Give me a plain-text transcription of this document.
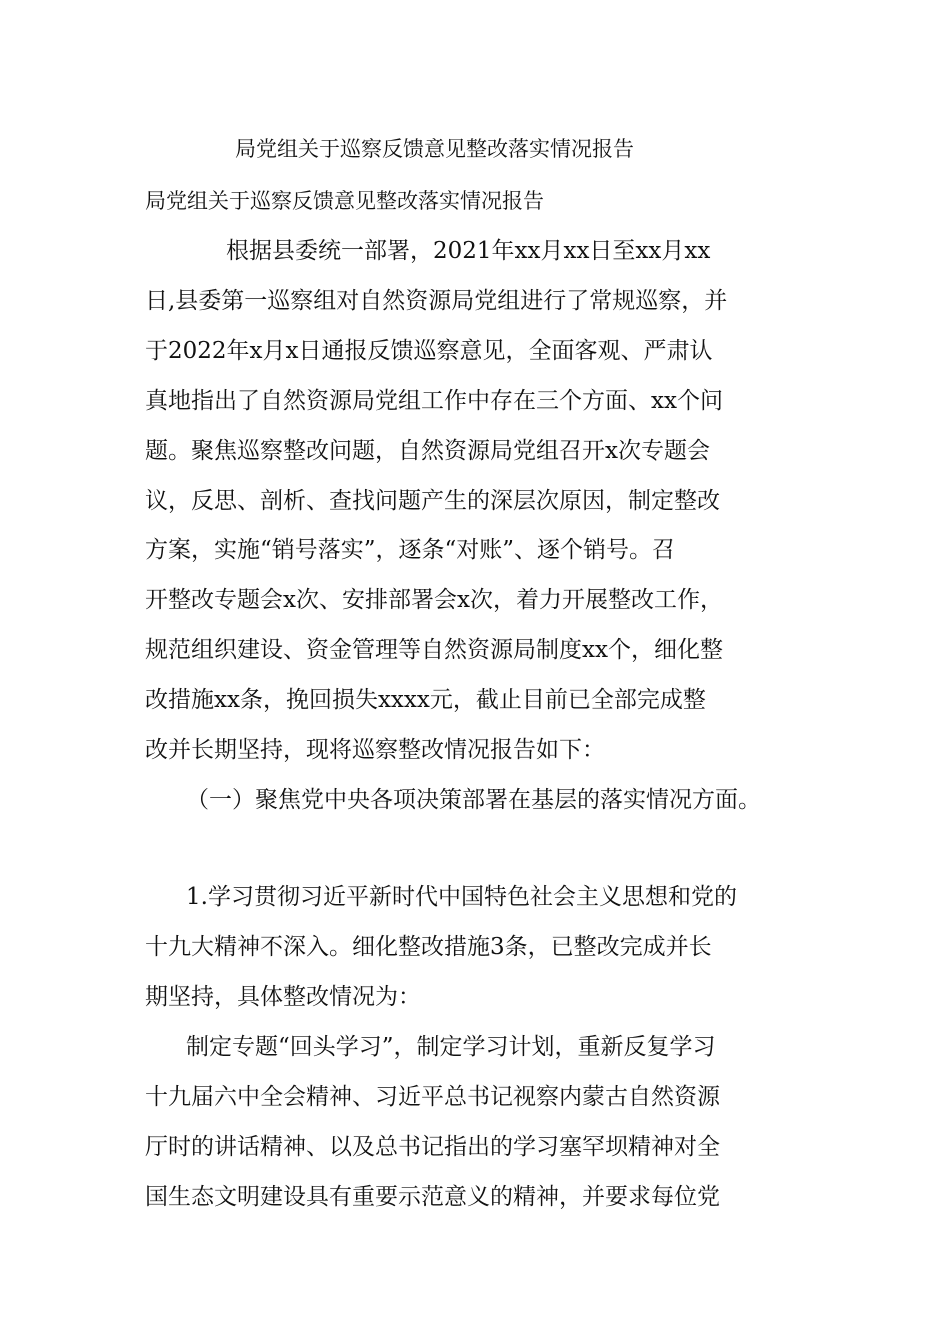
局党组关于巡察反馈意见整改落实情况报告
局党组关于巡察反馈意见整改落实情况报告
根据县委统一部署，2021年xx月xx日至xx月xx
日,县委第一巡察组对自然资源局党组进行了常规巡察，并
于2022年x月x日通报反馈巡察意见，全面客观、严肃认
真地指出了自然资源局党组工作中存在三个方面、xx个问
题。聚焦巡察整改问题，自然资源局党组召开x次专题会
议，反思、剖析、查找问题产生的深层次原因，制定整改
方案，实施“销号落实”，逐条“对账”、逐个销号。召
开整改专题会x次、安排部署会x次，着力开展整改工作，
规范组织建设、资金管理等自然资源局制度xx个，细化整
改措施xx条，挽回损失xxxx元，截止目前已全部完成整
改并长期坚持，现将巡察整改情况报告如下：
（一）聚焦党中央各项决策部署在基层的落实情况方面。
1.学习贯彻习近平新时代中国特色社会主义思想和党的
十九大精神不深入。细化整改措施3条，已整改完成并长
期坚持，具体整改情况为：
制定专题“回头学习”，制定学习计划，重新反复学习
十九届六中全会精神、习近平总书记视察内蒙古自然资源
厅时的讲话精神、以及总书记指出的学习塞罕坝精神对全
国生态文明建设具有重要示范意义的精神，并要求每位党
